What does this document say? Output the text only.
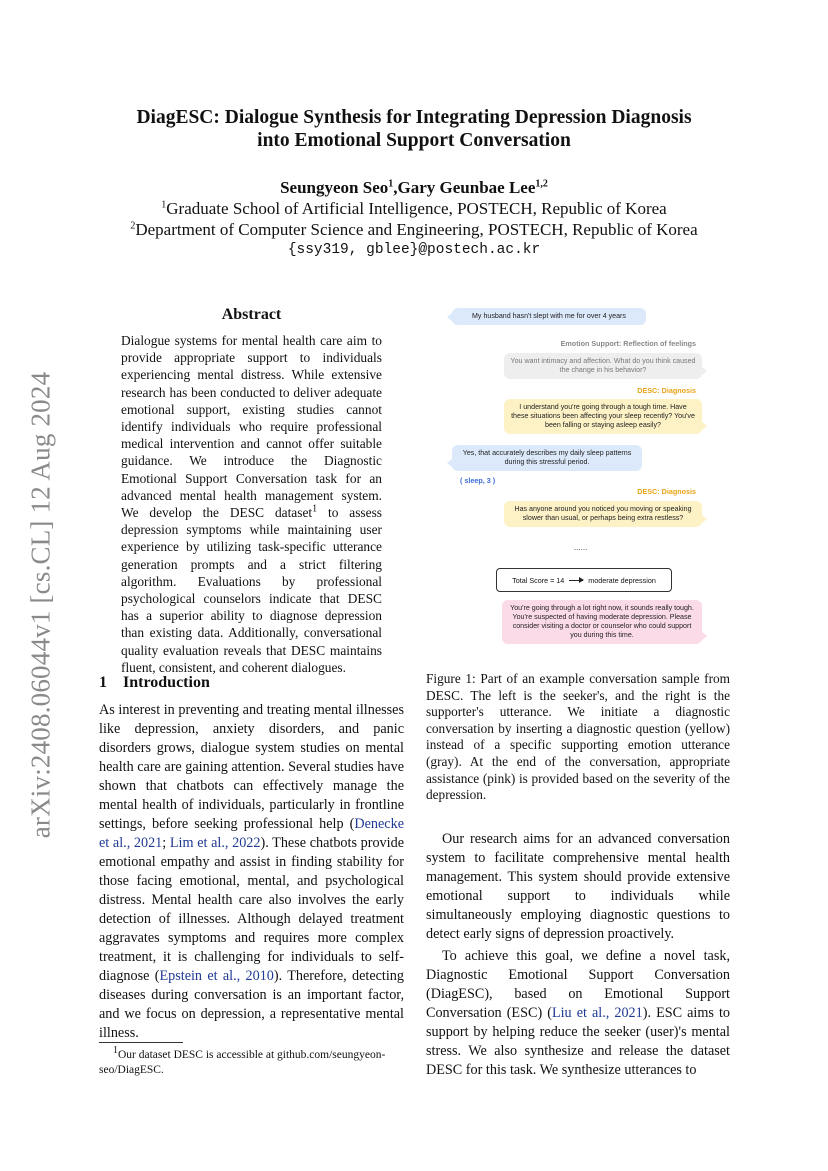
arXiv:2408.06044v1 [cs.CL] 12 Aug 2024
DiagESC: Dialogue Synthesis for Integrating Depression Diagnosis
into Emotional Support Conversation
Seungyeon Seo$^1$,Gary Geunbae Lee$^{1,2}$
$^1$Graduate School of Artificial Intelligence, POSTECH, Republic of Korea
$^2$Department of Computer Science and Engineering, POSTECH, Republic of Korea
{ssy319, gblee}@postech.ac.kr
Abstract
Dialogue systems for mental health care aim to provide appropriate support to individuals experiencing mental distress. While extensive research has been conducted to deliver adequate emotional support, existing studies cannot identify individuals who require professional medical intervention and cannot offer suitable guidance. We introduce the Diagnostic Emotional Support Conversation task for an advanced mental health management system. We develop the DESC dataset$^1$ to assess depression symptoms while maintaining user experience by utilizing task-specific utterance generation prompts and a strict filtering algorithm. Evaluations by professional psychological counselors indicate that DESC has a superior ability to diagnose depression than existing data. Additionally, conversational quality evaluation reveals that DESC maintains fluent, consistent, and coherent dialogues.
1 Introduction
As interest in preventing and treating mental illnesses like depression, anxiety disorders, and panic disorders grows, dialogue system studies on mental health care are gaining attention. Several studies have shown that chatbots can effectively manage the mental health of individuals, particularly in frontline settings, before seeking professional help (Denecke et al., 2021; Lim et al., 2022). These chatbots provide emotional empathy and assist in finding stability for those facing emotional, mental, and psychological distress. Mental health care also involves the early detection of illnesses. Although delayed treatment aggravates symptoms and requires more complex treatment, it is challenging for individuals to self-diagnose (Epstein et al., 2010). Therefore, detecting diseases during conversation is an important factor, and we focus on depression, a representative mental illness.
$^1$Our dataset DESC is accessible at github.com/seungyeon-seo/DiagESC.
My husband hasn't slept with me for over 4 years
Emotion Support: Reflection of feelings
You want intimacy and affection. What do you think caused the change in his behavior?
DESC: Diagnosis
I understand you're going through a tough time. Have these situations been affecting your sleep recently? You've been falling or staying asleep easily?
Yes, that accurately describes my daily sleep patterns during this stressful period.
( sleep, 3 )
DESC: Diagnosis
Has anyone around you noticed you moving or speaking slower than usual, or perhaps being extra restless?
......
Total Score = 14	moderate depression
You're going through a lot right now, it sounds really tough. You're suspected of having moderate depression. Please consider visiting a doctor or counselor who could support you during this time.
Figure 1: Part of an example conversation sample from DESC. The left is the seeker's, and the right is the supporter's utterance. We initiate a diagnostic conversation by inserting a diagnostic question (yellow) instead of a specific supporting emotion utterance (gray). At the end of the conversation, appropriate assistance (pink) is provided based on the severity of the depression.
Our research aims for an advanced conversation system to facilitate comprehensive mental health management. This system should provide extensive emotional support to individuals while simultaneously employing diagnostic questions to detect early signs of depression proactively.
To achieve this goal, we define a novel task, Diagnostic Emotional Support Conversation (DiagESC), based on Emotional Support Conversation (ESC) (Liu et al., 2021). ESC aims to support by helping reduce the seeker (user)'s mental stress. We also synthesize and release the dataset DESC for this task. We synthesize utterances to
